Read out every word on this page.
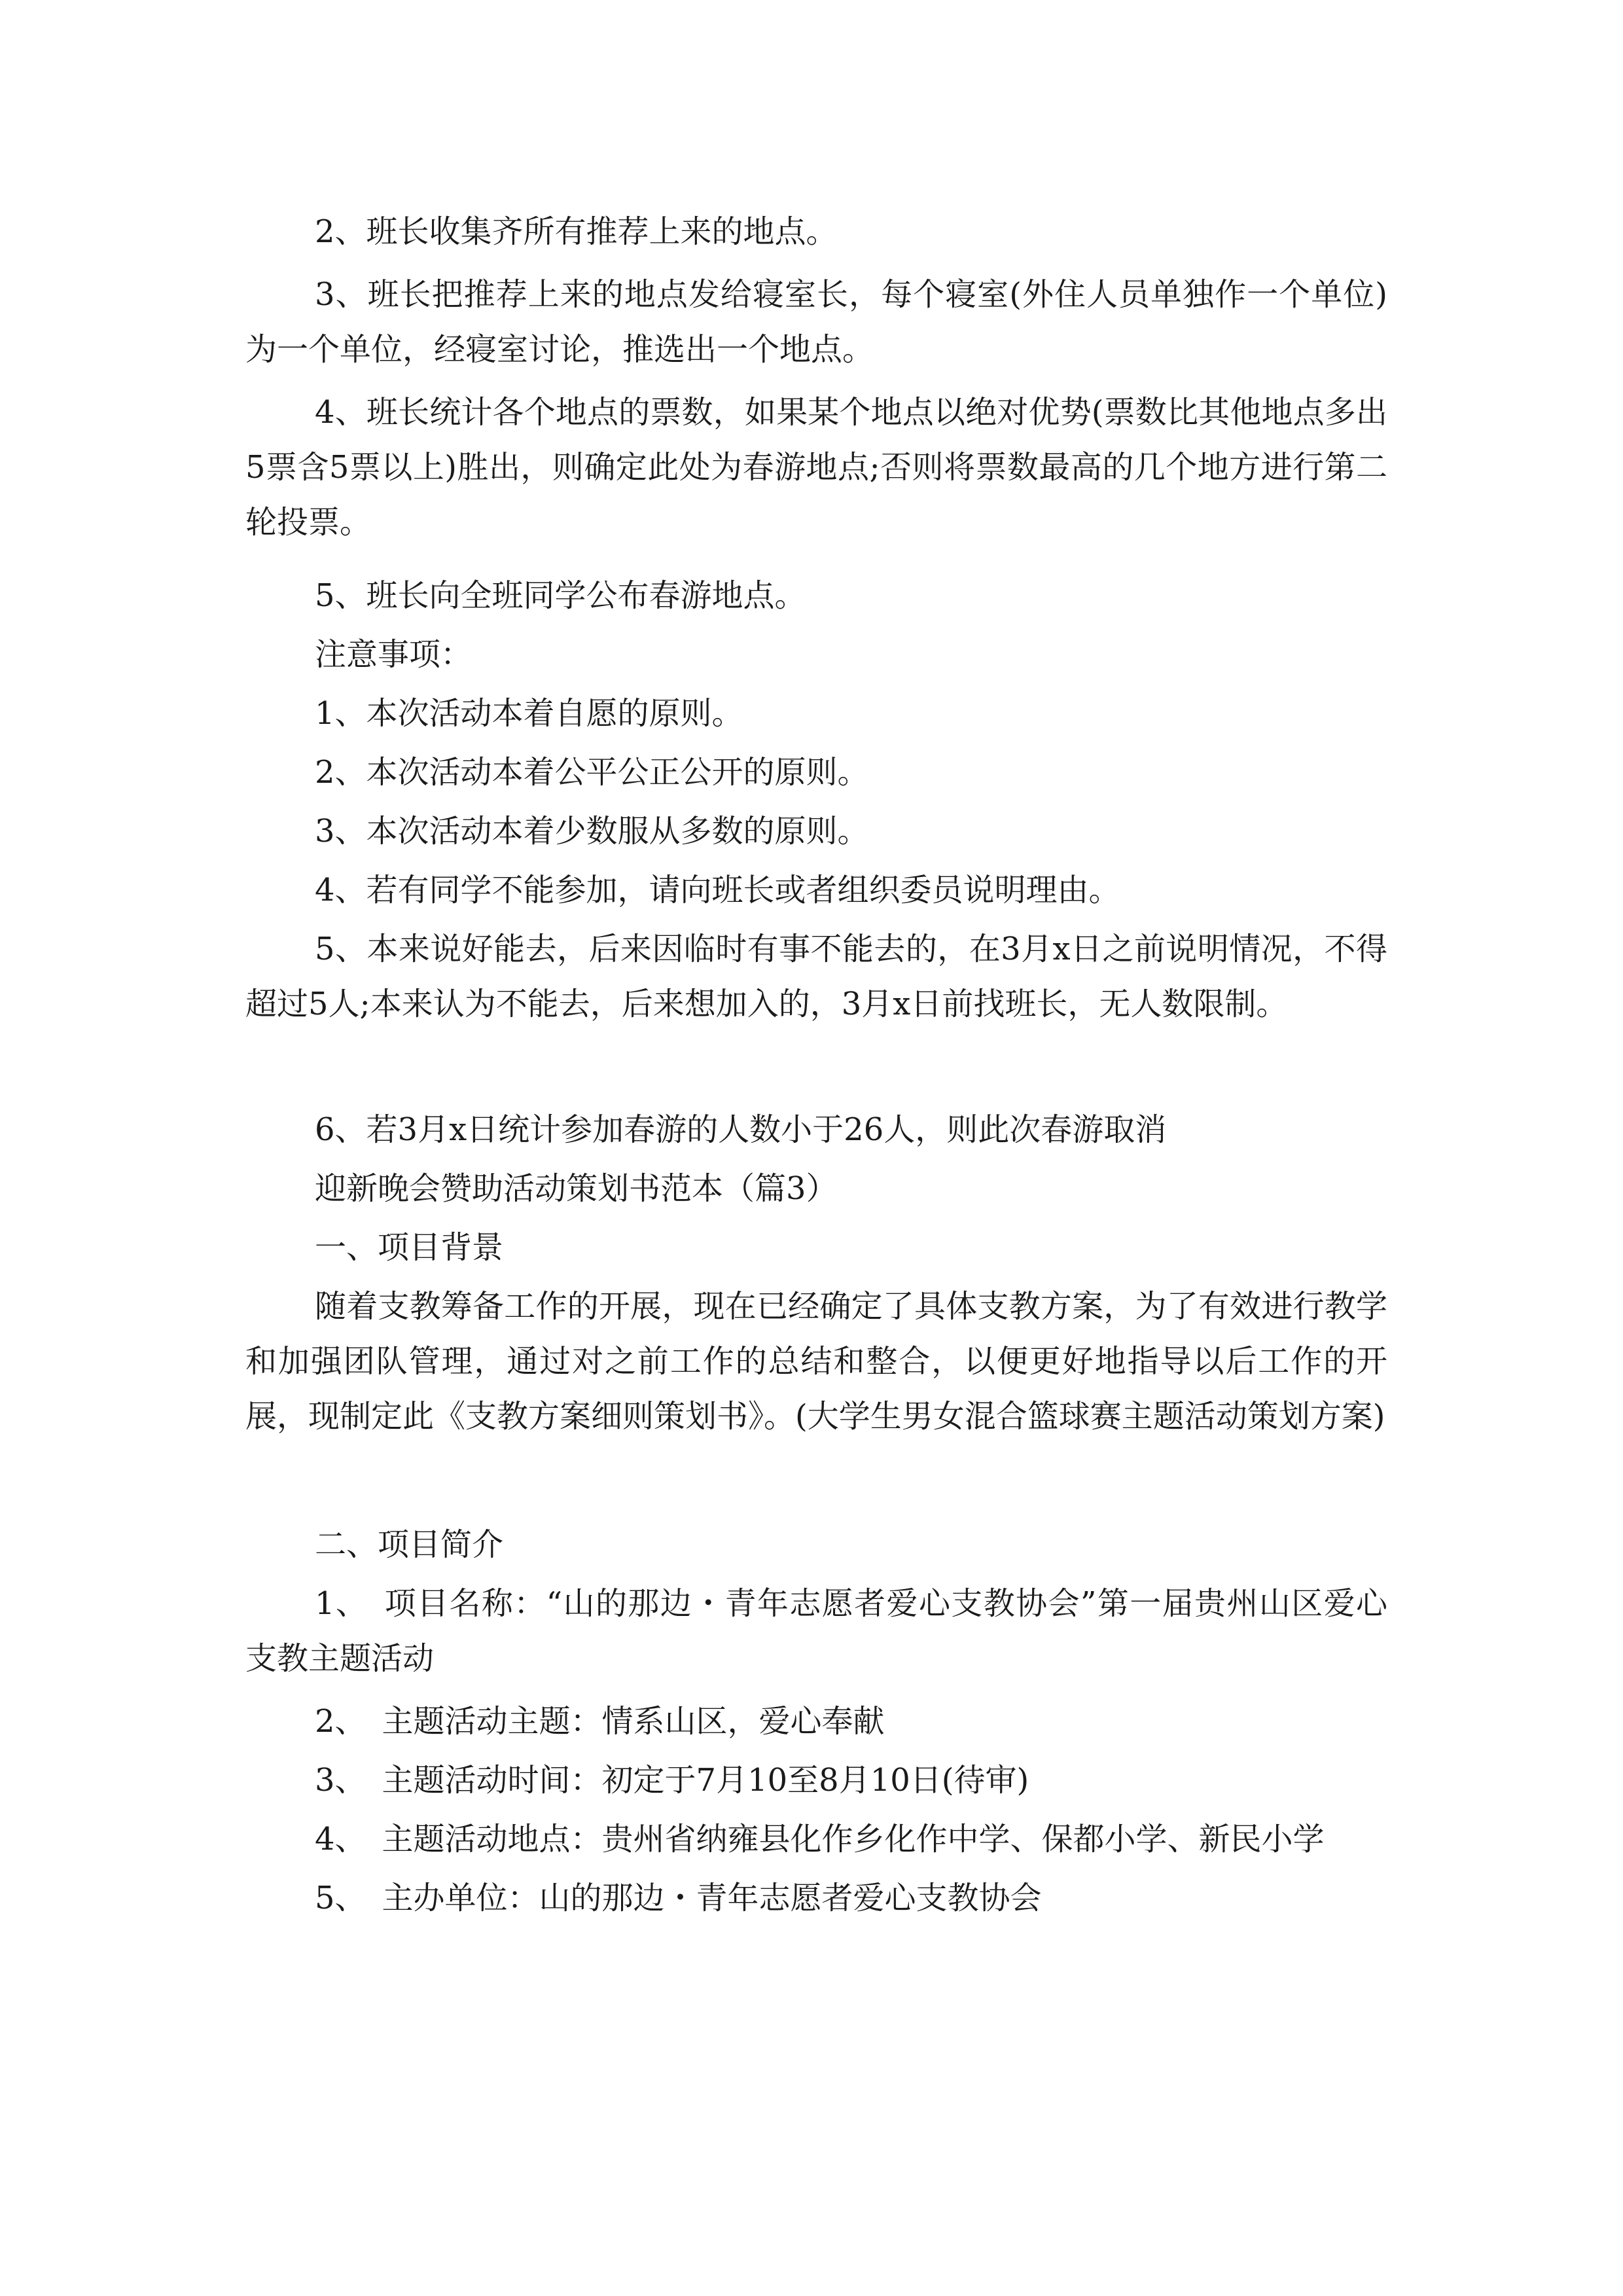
2、班长收集齐所有推荐上来的地点。

3、班长把推荐上来的地点发给寝室长，每个寝室(外住人员单独作一个单位)为一个单位，经寝室讨论，推选出一个地点。

4、班长统计各个地点的票数，如果某个地点以绝对优势(票数比其他地点多出5票含5票以上)胜出，则确定此处为春游地点;否则将票数最高的几个地方进行第二轮投票。

5、班长向全班同学公布春游地点。

注意事项：

1、本次活动本着自愿的原则。

2、本次活动本着公平公正公开的原则。

3、本次活动本着少数服从多数的原则。

4、若有同学不能参加，请向班长或者组织委员说明理由。

5、本来说好能去，后来因临时有事不能去的，在3月x日之前说明情况，不得超过5人;本来认为不能去，后来想加入的，3月x日前找班长，无人数限制。

6、若3月x日统计参加春游的人数小于26人，则此次春游取消

迎新晚会赞助活动策划书范本（篇3）

一、项目背景

随着支教筹备工作的开展，现在已经确定了具体支教方案，为了有效进行教学和加强团队管理，通过对之前工作的总结和整合，以便更好地指导以后工作的开展，现制定此《支教方案细则策划书》。(大学生男女混合篮球赛主题活动策划方案)

二、项目简介

1、　项目名称：“山的那边・青年志愿者爱心支教协会”第一届贵州山区爱心支教主题活动

2、　主题活动主题：情系山区，爱心奉献

3、　主题活动时间：初定于7月10至8月10日(待审)

4、　主题活动地点：贵州省纳雍县化作乡化作中学、保都小学、新民小学

5、　主办单位：山的那边・青年志愿者爱心支教协会
